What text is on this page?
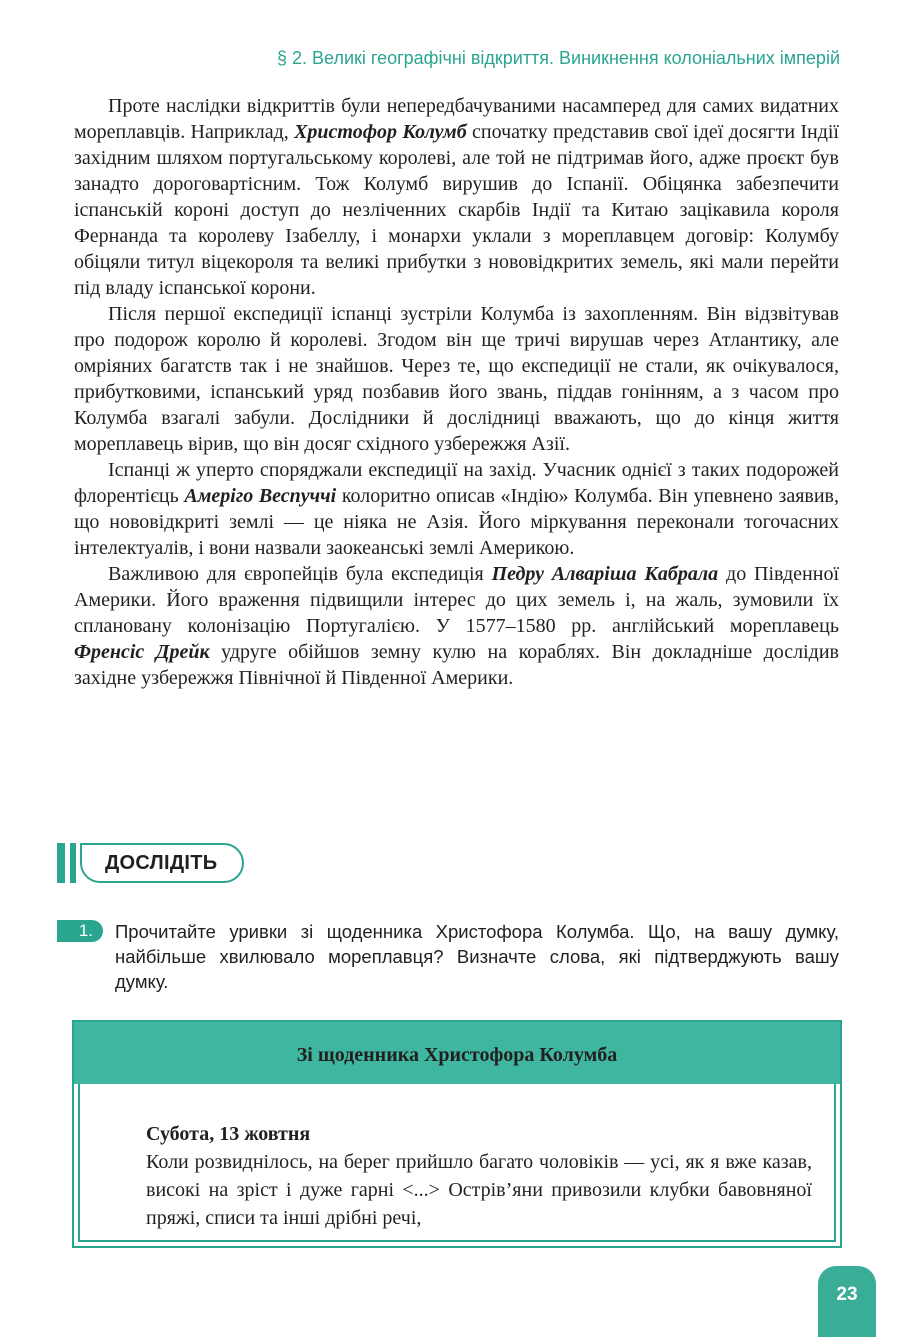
§ 2. Великі географічні відкриття. Виникнення колоніальних імперій

Проте наслідки відкриттів були непередбачуваними насамперед для самих видатних мореплавців. Наприклад, Христофор Колумб спочатку представив свої ідеї досягти Індії західним шляхом португальському королеві, але той не підтримав його, адже проєкт був занадто дороговартісним. Тож Колумб вирушив до Іспанії. Обіцянка забезпечити іспанській короні доступ до незліченних скарбів Індії та Китаю зацікавила короля Фернанда та королеву Ізабеллу, і монархи уклали з мореплавцем договір: Колумбу обіцяли титул віцекороля та великі прибутки з нововідкритих земель, які мали перейти під владу іспанської корони.

Після першої експедиції іспанці зустріли Колумба із захопленням. Він відзвітував про подорож королю й королеві. Згодом він ще тричі вирушав через Атлантику, але омріяних багатств так і не знайшов. Через те, що експедиції не стали, як очікувалося, прибутковими, іспанський уряд позбавив його звань, піддав гонінням, а з часом про Колумба взагалі забули. Дослідники й дослідниці вважають, що до кінця життя мореплавець вірив, що він досяг східного узбережжя Азії.

Іспанці ж уперто споряджали експедиції на захід. Учасник однієї з таких подорожей флорентієць Амеріго Веспуччі колоритно описав «Індію» Колумба. Він упевнено заявив, що нововідкриті землі — це ніяка не Азія. Його міркування переконали тогочасних інтелектуалів, і вони назвали заокеанські землі Америкою.

Важливою для європейців була експедиція Педру Алваріша Кабрала до Південної Америки. Його враження підвищили інтерес до цих земель і, на жаль, зумовили їх сплановану колонізацію Португалією. У 1577–1580 рр. англійський мореплавець Френсіс Дрейк удруге обійшов земну кулю на кораблях. Він докладніше дослідив західне узбережжя Північної й Південної Америки.

ДОСЛІДІТЬ
1.	Прочитайте уривки зі щоденника Христофора Колумба. Що, на вашу думку, найбільше хвилювало мореплавця? Визначте слова, які підтверджують вашу думку.
Зі щоденника Христофора Колумба

Субота, 13 жовтня

Коли розвиднілось, на берег прийшло багато чоловіків — усі, як я вже казав, високі на зріст і дуже гарні <...> Острів’яни привозили клубки бавовняної пряжі, списи та інші дрібні речі,

23
